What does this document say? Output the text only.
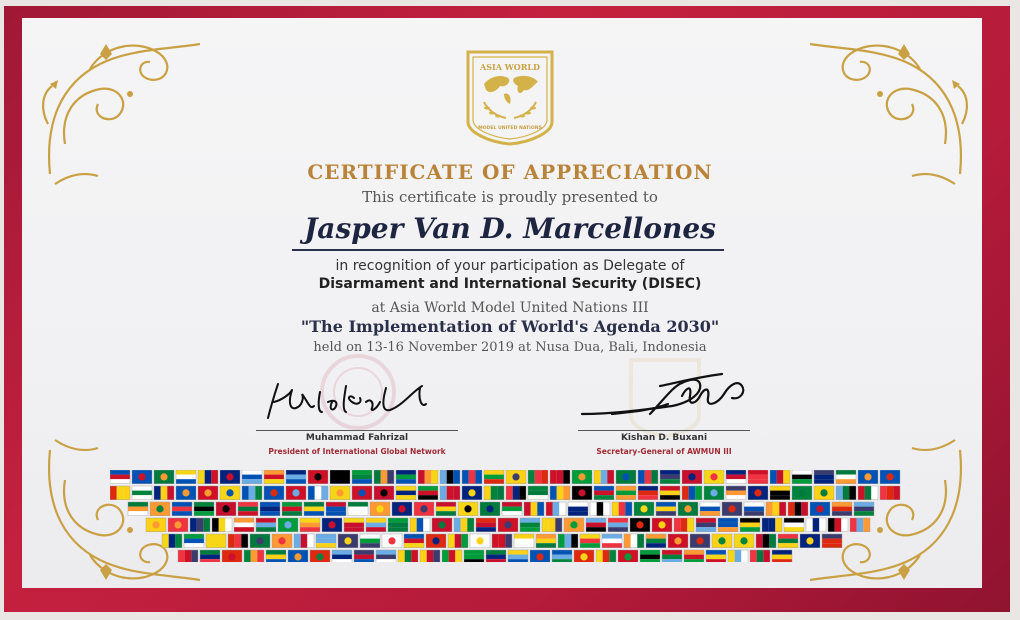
ASIA WORLD
MODEL UNITED NATIONS
CERTIFICATE OF APPRECIATION
This certificate is proudly presented to
Jasper Van D. Marcellones
in recognition of your participation as Delegate of
Disarmament and International Security (DISEC)
at Asia World Model United Nations III
"The Implementation of World's Agenda 2030"
held on 13-16 November 2019 at Nusa Dua, Bali, Indonesia
Muhammad Fahrizal
President of International Global Network
Kishan D. Buxani
Secretary-General of AWMUN III
